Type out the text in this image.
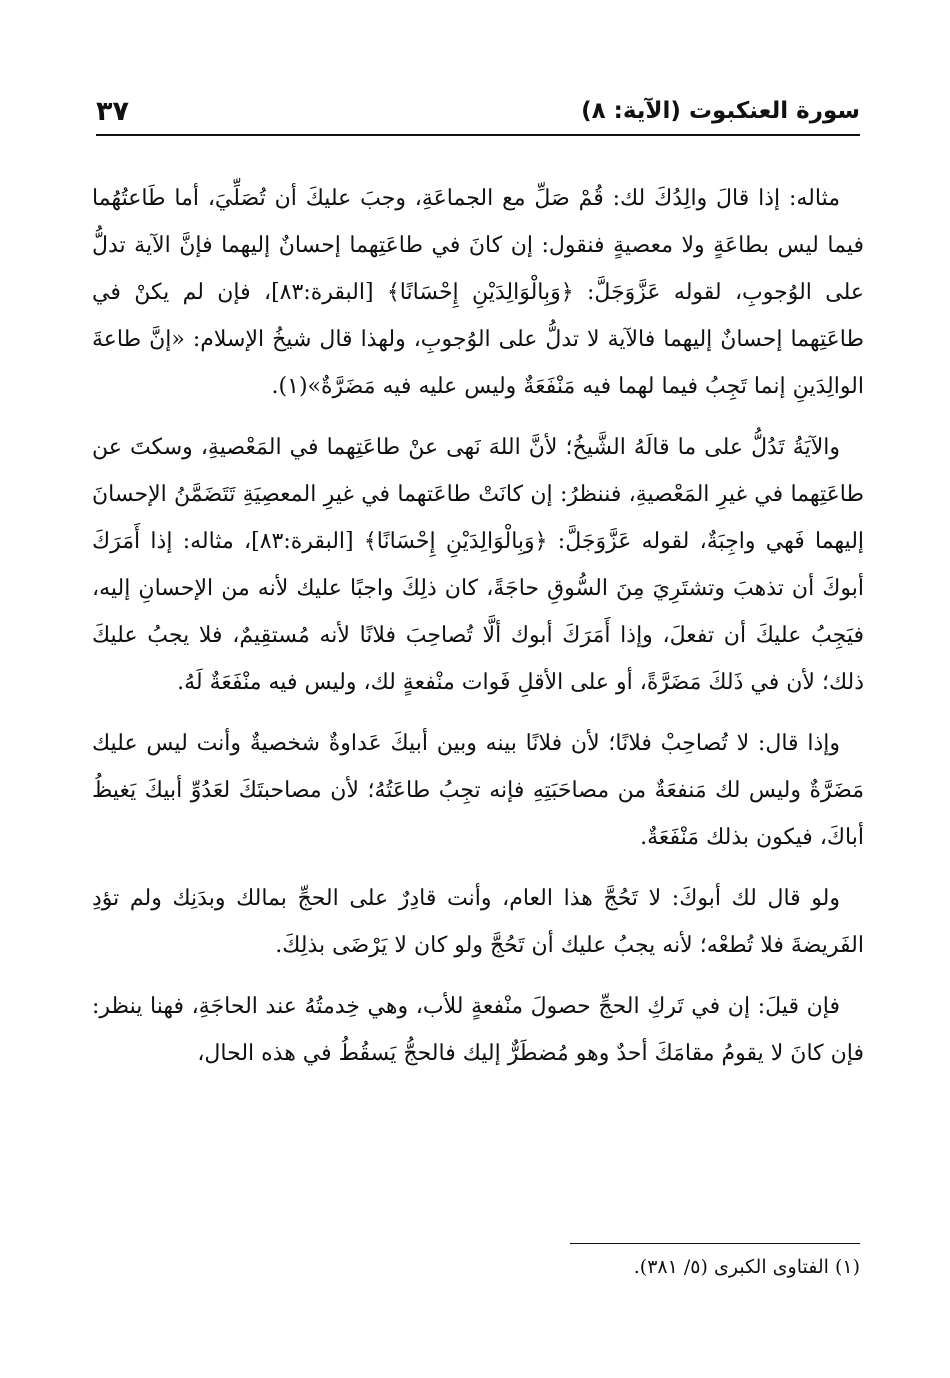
سورة العنكبوت (الآية: ٨)
٣٧

مثاله: إذا قالَ والِدُكَ لك: قُمْ صَلِّ مع الجماعَةِ، وجبَ عليكَ أن تُصَلِّيَ، أما طَاعتُهُما فيما ليس بطاعَةٍ ولا معصيةٍ فنقول: إن كانَ في طاعَتِهما إحسانٌ إليهما فإنَّ الآية تدلُّ على الوُجوبِ، لقوله عَزَّوَجَلَّ: ﴿وَبِالْوَالِدَيْنِ إِحْسَانًا﴾ [البقرة:٨٣]، فإن لم يكنْ في طاعَتِهما إحسانٌ إليهما فالآية لا تدلُّ على الوُجوبِ، ولهذا قال شيخُ الإسلام: «إنَّ طاعةَ الوالِدَينِ إنما تَجِبُ فيما لهما فيه مَنْفَعَةٌ وليس عليه فيه مَضَرَّةٌ»(١).

والآيَةُ تَدُلُّ على ما قالَهُ الشَّيخُ؛ لأنَّ اللهَ نَهى عنْ طاعَتِهما في المَعْصيةِ، وسكتَ عن طاعَتِهما في غيرِ المَعْصيةِ، فننظرُ: إن كانَتْ طاعَتهما في غيرِ المعصِيَةِ تَتَضَمَّنُ الإحسانَ إليهما فَهي واجِبَةٌ، لقوله عَزَّوَجَلَّ: ﴿وَبِالْوَالِدَيْنِ إِحْسَانًا﴾ [البقرة:٨٣]، مثاله: إذا أَمَرَكَ أبوكَ أن تذهبَ وتشتَرِيَ مِنَ السُّوقِ حاجَةً، كان ذلِكَ واجبًا عليك لأنه من الإحسانِ إليه، فيَجِبُ عليكَ أن تفعلَ، وإذا أَمَرَكَ أبوك ألَّا تُصاحِبَ فلانًا لأنه مُستقِيمٌ، فلا يجبُ عليكَ ذلك؛ لأن في ذَلكَ مَضَرَّةً، أو على الأقلِ فَوات منْفعةٍ لك، وليس فيه منْفَعَةٌ لَهُ.

وإذا قال: لا تُصاحِبْ فلانًا؛ لأن فلانًا بينه وبين أبيكَ عَداوةٌ شخصيةٌ وأنت ليس عليك مَضَرَّةٌ وليس لك مَنفعَةٌ من مصاحَبَتِهِ فإنه تجِبُ طاعَتُهُ؛ لأن مصاحبتَكَ لعَدُوِّ أبيكَ يَغيظُ أباكَ، فيكون بذلك مَنْفَعَةٌ.

ولو قال لك أبوكَ: لا تَحُجَّ هذا العام، وأنت قادِرٌ على الحجِّ بمالك وبدَنِك ولم تؤدِ الفَريضةَ فلا تُطعْه؛ لأنه يجبُ عليك أن تَحُجَّ ولو كان لا يَرْضَى بذلِكَ.

فإن قيلَ: إن في تَركِ الحجِّ حصولَ منْفعةٍ للأب، وهي خِدمتُهُ عند الحاجَةِ، فهنا ينظر: فإن كانَ لا يقومُ مقامَكَ أحدٌ وهو مُضطَرٌّ إليك فالحجُّ يَسقُطُ في هذه الحال،

(١) الفتاوى الكبرى (٥/ ٣٨١).
